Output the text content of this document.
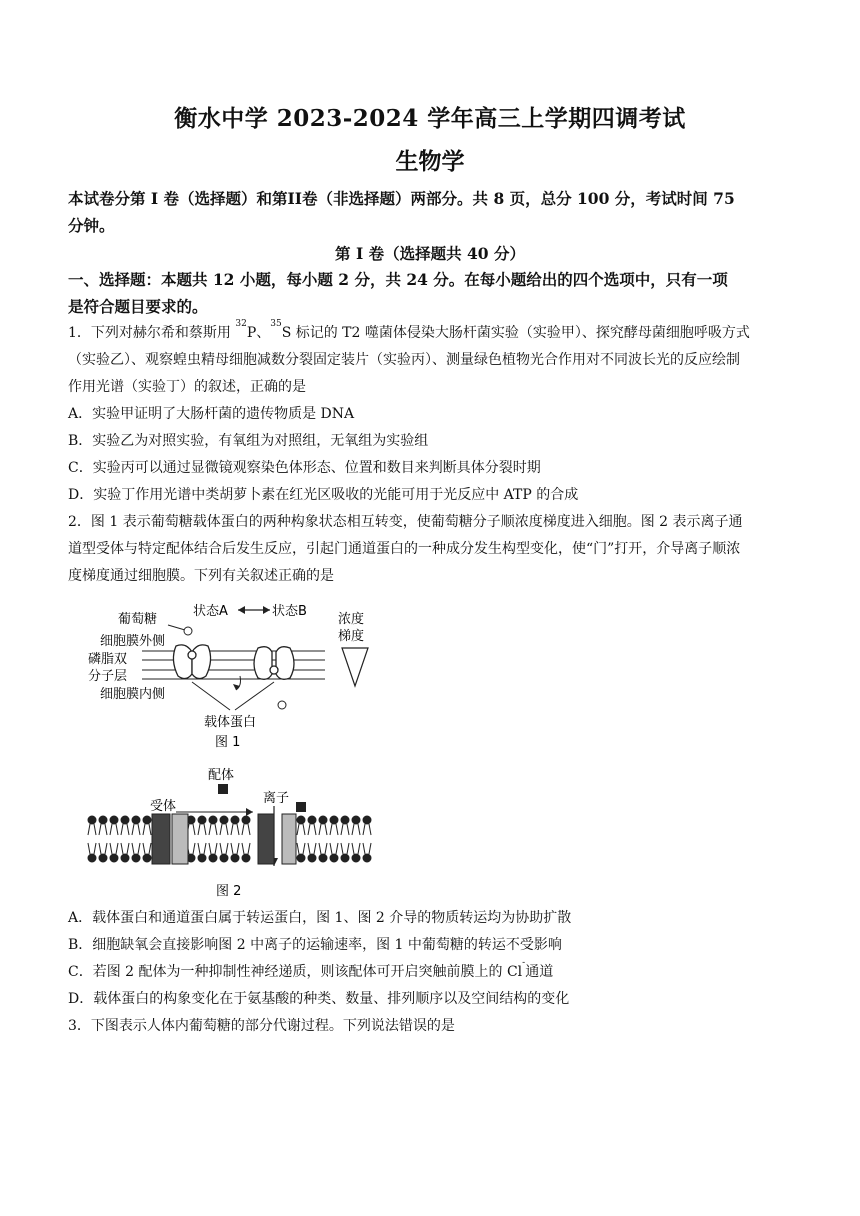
衡水中学 2023-2024 学年高三上学期四调考试
生物学
本试卷分第 I 卷（选择题）和第II卷（非选择题）两部分。共 8 页，总分 100 分，考试时间 75
分钟。
第 I 卷（选择题共 40 分）
一、选择题：本题共 12 小题，每小题 2 分，共 24 分。在每小题给出的四个选项中，只有一项
是符合题目要求的。
1．下列对赫尔希和蔡斯用 $^{32}$P、$^{35}$S 标记的 T2 噬菌体侵染大肠杆菌实验（实验甲）、探究酵母菌细胞呼吸方式
（实验乙）、观察蝗虫精母细胞减数分裂固定装片（实验丙）、测量绿色植物光合作用对不同波长光的反应绘制
作用光谱（实验丁）的叙述，正确的是
A．实验甲证明了大肠杆菌的遗传物质是 DNA
B．实验乙为对照实验，有氧组为对照组，无氧组为实验组
C．实验丙可以通过显微镜观察染色体形态、位置和数目来判断具体分裂时期
D．实验丁作用光谱中类胡萝卜素在红光区吸收的光能可用于光反应中 ATP 的合成
2．图 1 表示葡萄糖载体蛋白的两种构象状态相互转变，使葡萄糖分子顺浓度梯度进入细胞。图 2 表示离子通
道型受体与特定配体结合后发生反应，引起门通道蛋白的一种成分发生构型变化，使“门”打开，介导离子顺浓
度梯度通过细胞膜。下列有关叙述正确的是
葡萄糖
状态A	状态B
细胞膜外侧
磷脂双
分子层
细胞膜内侧
载体蛋白
浓度
梯度
图 1
配体
受体
离子
图 2
A．载体蛋白和通道蛋白属于转运蛋白，图 1、图 2 介导的物质转运均为协助扩散
B．细胞缺氧会直接影响图 2 中离子的运输速率，图 1 中葡萄糖的转运不受影响
C．若图 2 配体为一种抑制性神经递质，则该配体可开启突触前膜上的 Cl-通道
D．载体蛋白的构象变化在于氨基酸的种类、数量、排列顺序以及空间结构的变化
3．下图表示人体内葡萄糖的部分代谢过程。下列说法错误的是
